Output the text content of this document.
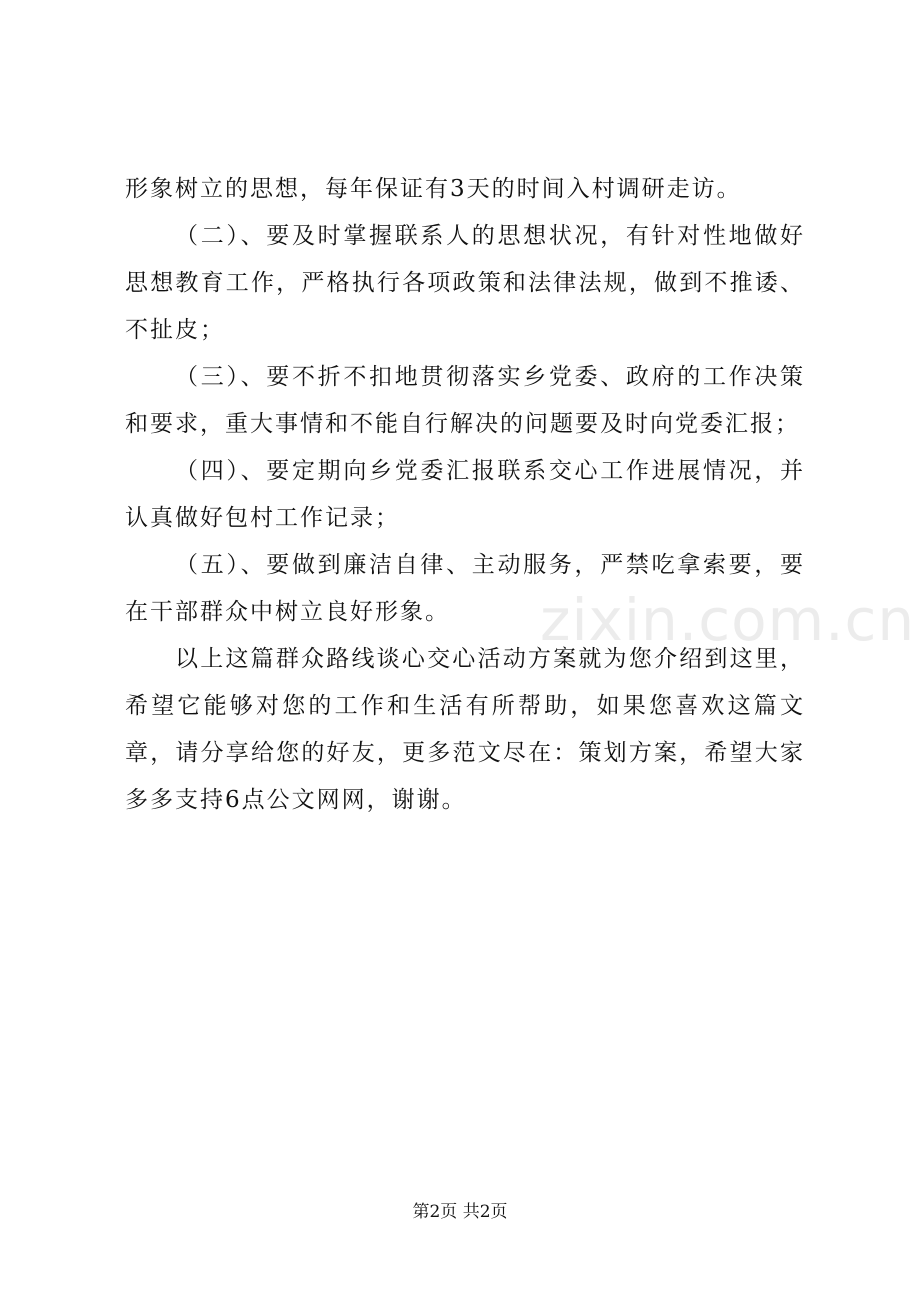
zixin.com.cn

形象树立的思想，每年保证有3天的时间入村调研走访。

（二）、要及时掌握联系人的思想状况，有针对性地做好思想教育工作，严格执行各项政策和法律法规，做到不推诿、不扯皮；

（三）、要不折不扣地贯彻落实乡党委、政府的工作决策和要求，重大事情和不能自行解决的问题要及时向党委汇报；

（四）、要定期向乡党委汇报联系交心工作进展情况，并认真做好包村工作记录；

（五）、要做到廉洁自律、主动服务，严禁吃拿索要，要在干部群众中树立良好形象。

以上这篇群众路线谈心交心活动方案就为您介绍到这里，希望它能够对您的工作和生活有所帮助，如果您喜欢这篇文章，请分享给您的好友，更多范文尽在：策划方案，希望大家多多支持6点公文网网，谢谢。

第2页 共2页
